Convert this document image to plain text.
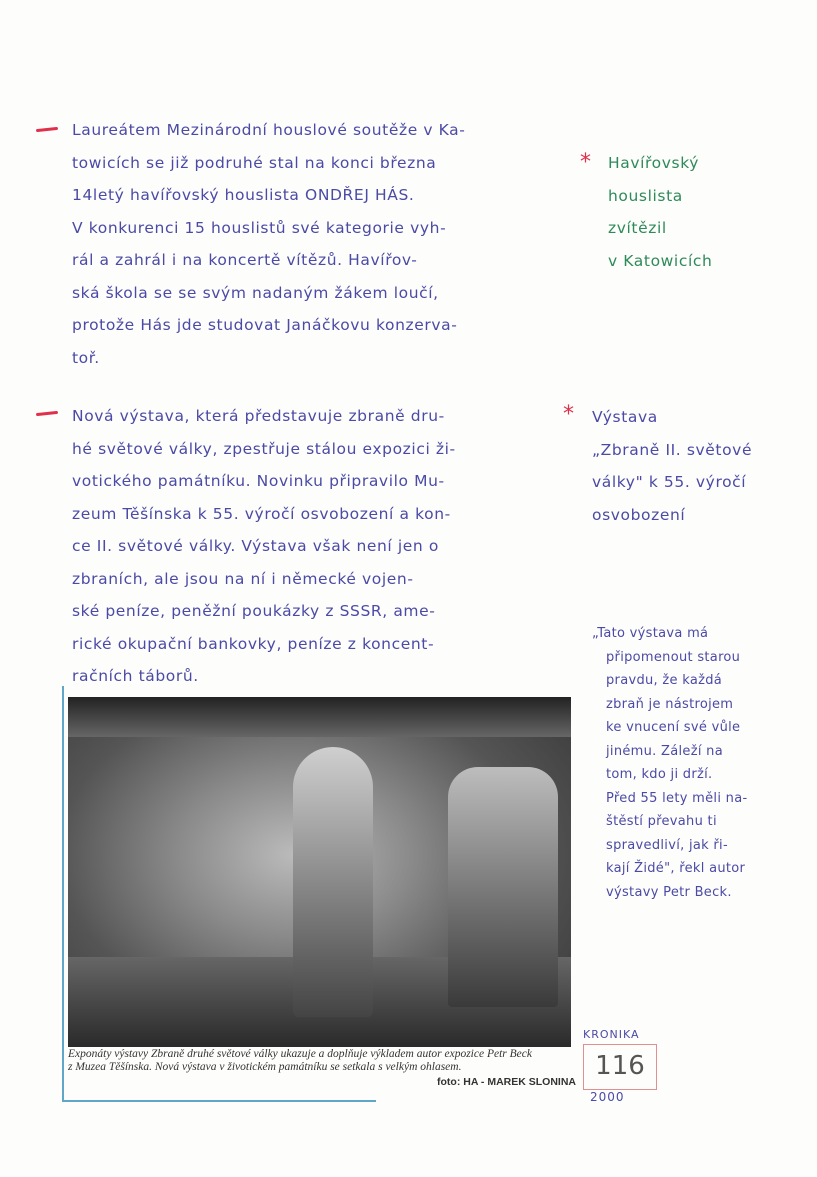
Laureátem Mezinárodní houslové soutěže v Ka-
towicích se již podruhé stal na konci března
14letý havířovský houslista ONDŘEJ HÁS.
V konkurenci 15 houslistů své kategorie vyh-
rál a zahrál i na koncertě vítězů. Havířov-
ská škola se se svým nadaným žákem loučí,
protože Hás jde studovat Janáčkovu konzerva-
toř.
* Havířovský
houslista
zvítězil
v Katowicích
Nová výstava, která představuje zbraně dru-
hé světové války, zpestřuje stálou expozici ži-
votického památníku. Novinku připravilo Mu-
zeum Těšínska k 55. výročí osvobození a kon-
ce II. světové války. Výstava však není jen o
zbraních, ale jsou na ní i německé vojen-
ské peníze, peněžní poukázky z SSSR, ame-
rické okupační bankovky, peníze z koncent-
račních táborů.
* Výstava
„Zbraně II. světové
války" k 55. výročí
osvobození
„Tato výstava má
připomenout starou
pravdu, že každá
zbraň je nástrojem
ke vnucení své vůle
jinému. Záleží na
tom, kdo ji drží.
Před 55 lety měli na-
štěstí převahu ti
spravedliví, jak ři-
kají Židé", řekl autor
výstavy Petr Beck.
Exponáty výstavy Zbraně druhé světové války ukazuje a doplňuje výkladem autor expozice Petr Beck
z Muzea Těšínska. Nová výstava v životickém památníku se setkala s velkým ohlasem.
foto: HA - MAREK SLONINA
KRONIKA
116
2000
